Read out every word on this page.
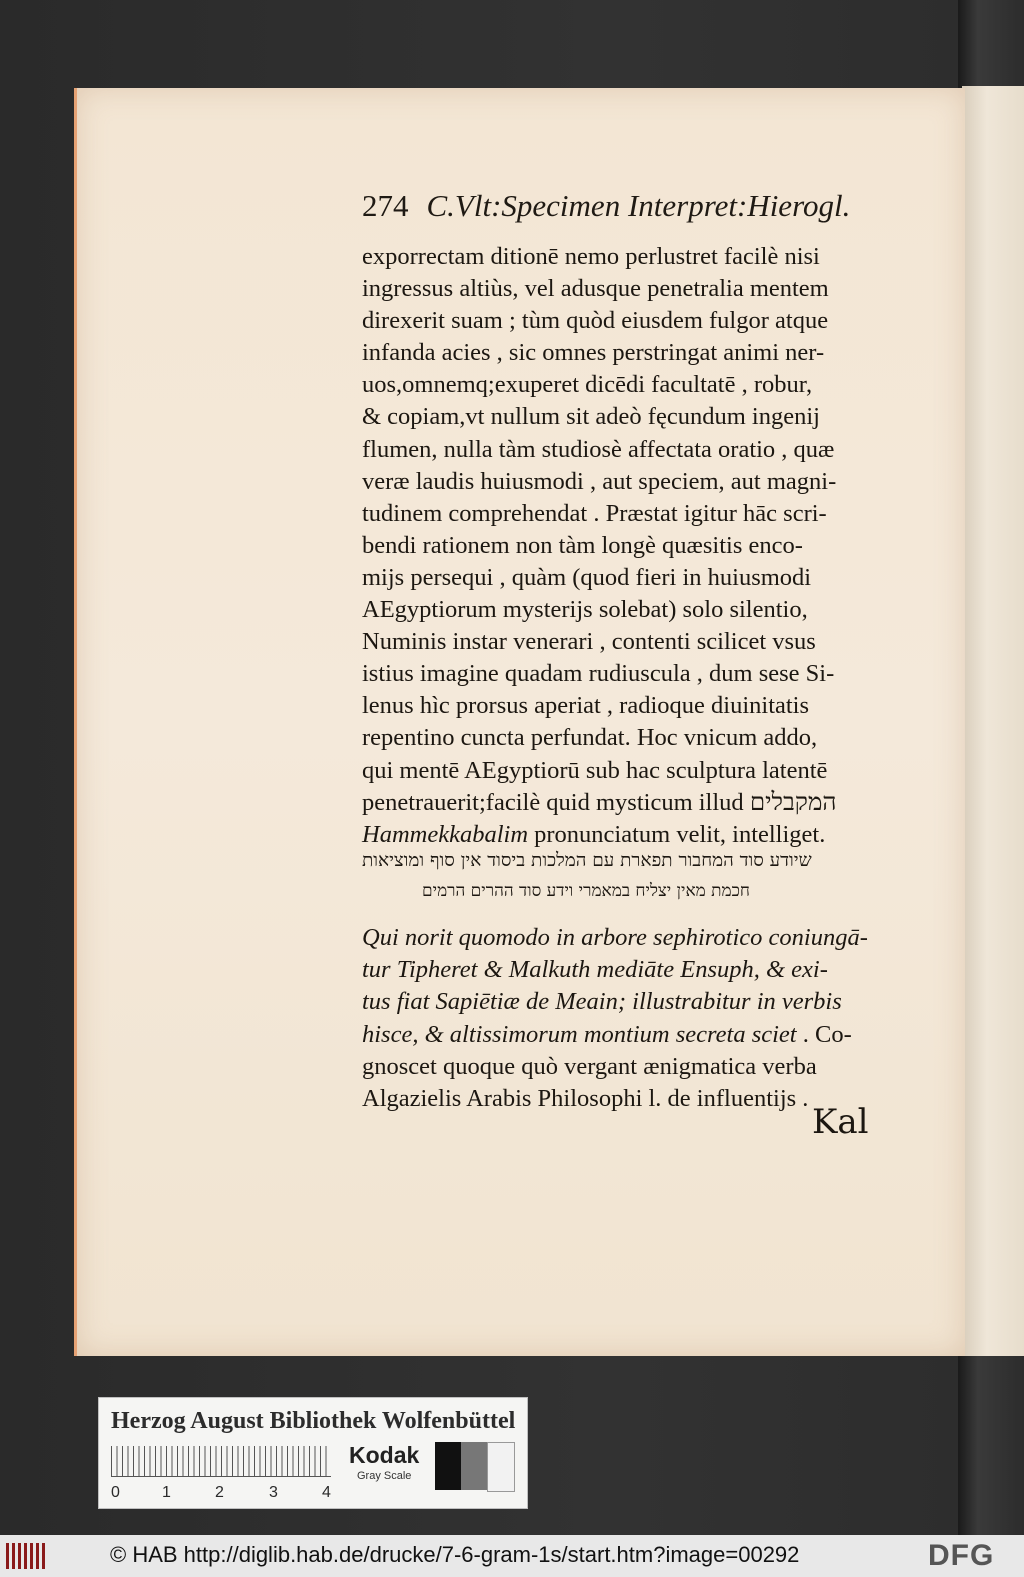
274 C.Vlt:Specimen Interpret:Hierogl.
exporrectam ditionē nemo perlustret facilè nisi
ingressus altiùs, vel adusque penetralia mentem
direxerit suam ; tùm quòd eiusdem fulgor atque
infanda acies , sic omnes perstringat animi ner-
uos,omnemq;exuperet dicēdi facultatē , robur,
& copiam,vt nullum sit adeò fęcundum ingenij
flumen, nulla tàm studiosè affectata oratio , quæ
veræ laudis huiusmodi , aut speciem, aut magni-
tudinem comprehendat . Præstat igitur hāc scri-
bendi rationem non tàm longè quæsitis enco-
mijs persequi , quàm (quod fieri in huiusmodi
AEgyptiorum mysterijs solebat) solo silentio,
Numinis instar venerari , contenti scilicet vsus
istius imagine quadam rudiuscula , dum sese Si-
lenus hìc prorsus aperiat , radioque diuinitatis
repentino cuncta perfundat. Hoc vnicum addo,
qui mentē AEgyptiorū sub hac sculptura latentē
penetrauerit;facilè quid mysticum illud המקבלים
Hammekkabalim pronunciatum velit, intelliget.
שיודע סוד המחבור תפארת עם המלכות ביסוד אין סוף ומוציאות
חכמת מאין יצליח במאמרי וידע סוד ההרים הרמים
Qui norit quomodo in arbore sephirotico coniungā-
tur Tipheret & Malkuth mediāte Ensuph, & exi-
tus fiat Sapiētiæ de Meain; illustrabitur in verbis
hisce, & altissimorum montium secreta sciet . Co-
gnoscet quoque quò vergant ænigmatica verba
Algazielis Arabis Philosophi l. de influentijs .
Kal
Herzog August Bibliothek Wolfenbüttel
0	1	2	3	4
Kodak
Gray Scale
© HAB http://diglib.hab.de/drucke/7-6-gram-1s/start.htm?image=00292	DFG
